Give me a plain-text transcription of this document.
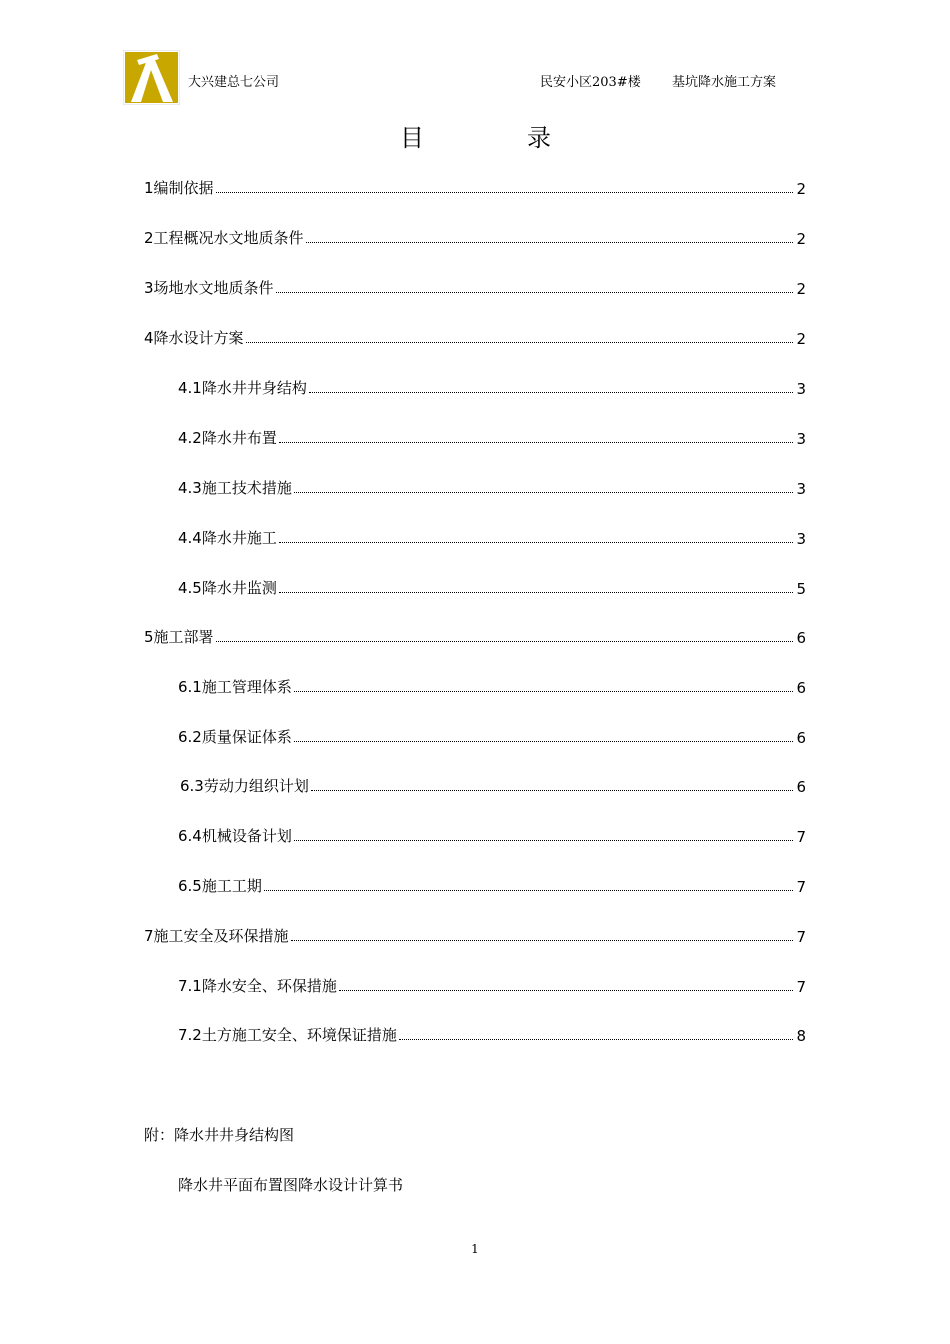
大兴建总七公司	民安小区203#楼 基坑降水施工方案
目	录
1编制依据	2
2工程概况水文地质条件	2
3场地水文地质条件	2
4降水设计方案	2
4.1降水井井身结构	3
4.2降水井布置	3
4.3施工技术措施	3
4.4降水井施工	3
4.5降水井监测	5
5施工部署	6
6.1施工管理体系	6
6.2质量保证体系	6
6.3劳动力组织计划	6
6.4机械设备计划	7
6.5施工工期	7
7施工安全及环保措施	7
7.1降水安全、环保措施	7
7.2土方施工安全、环境保证措施	8
附：降水井井身结构图
降水井平面布置图降水设计计算书
1
